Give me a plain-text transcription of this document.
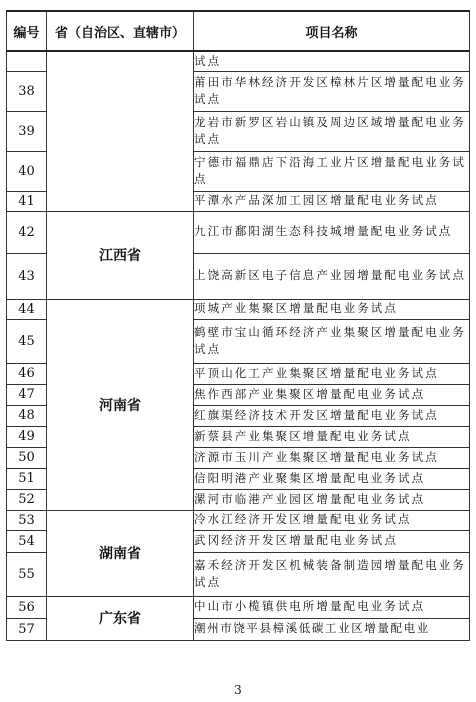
编号	省（自治区、直辖市）	项目名称
		试点
38		莆田市华林经济开发区樟林片区增量配电业务试点
39		龙岩市新罗区岩山镇及周边区域增量配电业务试点
40		宁德市福鼎店下沿海工业片区增量配电业务试点
41		平潭水产品深加工园区增量配电业务试点
42	江西省	九江市鄱阳湖生态科技城增量配电业务试点
43		上饶高新区电子信息产业园增量配电业务试点
44	河南省	项城产业集聚区增量配电业务试点
45		鹤壁市宝山循环经济产业集聚区增量配电业务试点
46		平顶山化工产业集聚区增量配电业务试点
47		焦作西部产业集聚区增量配电业务试点
48		红旗渠经济技术开发区增量配电业务试点
49		新蔡县产业集聚区增量配电业务试点
50		济源市玉川产业集聚区增量配电业务试点
51		信阳明港产业聚集区增量配电业务试点
52		漯河市临港产业园区增量配电业务试点
53	湖南省	冷水江经济开发区增量配电业务试点
54		武冈经济开发区增量配电业务试点
55		嘉禾经济开发区机械装备制造园增量配电业务试点
56	广东省	中山市小榄镇供电所增量配电业务试点
57		潮州市饶平县樟溪低碳工业区增量配电业
3
